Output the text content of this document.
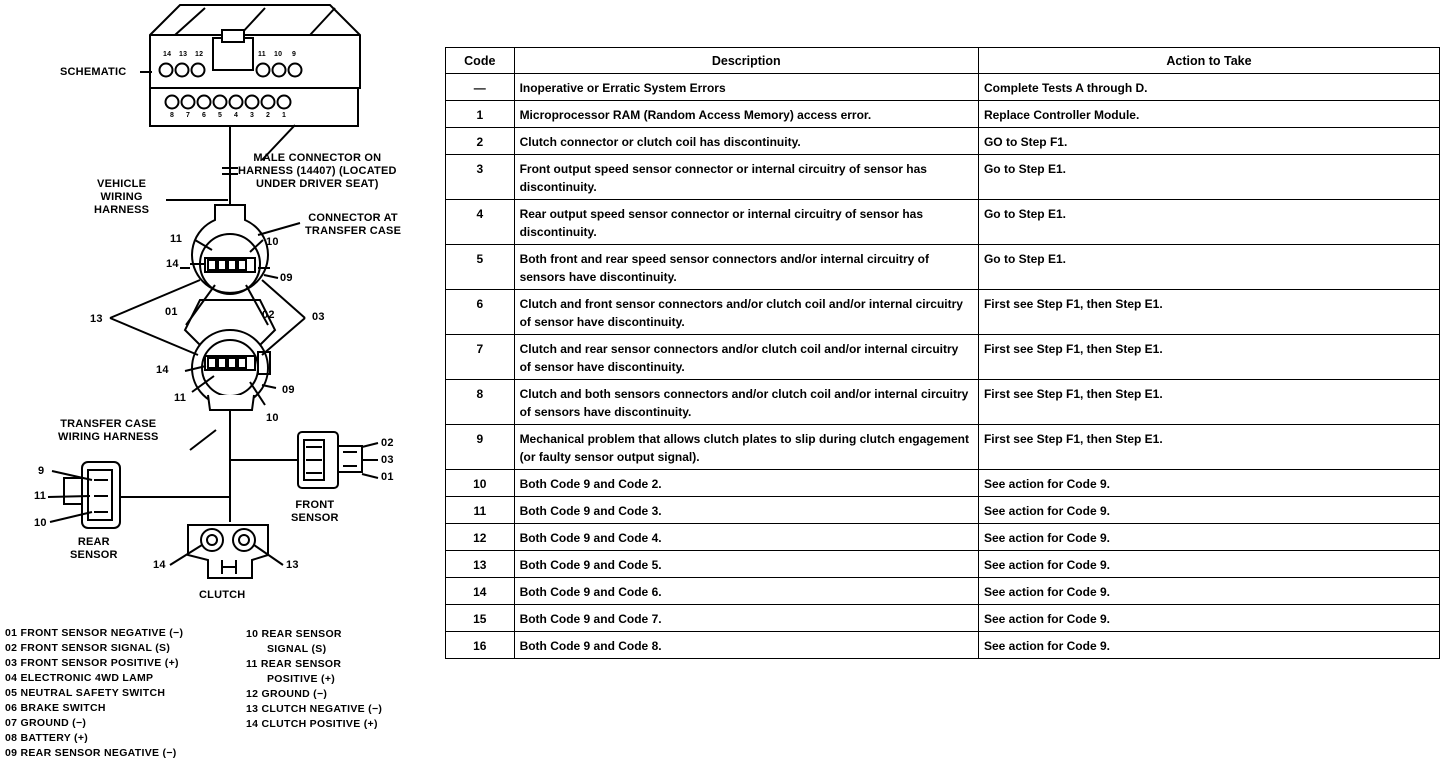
SCHEMATIC
14 13 12	11 10 9
8 7 6 5 4 3 2 1
MALE CONNECTOR ON
HARNESS (14407) (LOCATED
UNDER DRIVER SEAT)
VEHICLE
WIRING
HARNESS
CONNECTOR AT
TRANSFER CASE
11	10
14
09
13
01	02	03
14
11
09
10
TRANSFER CASE
WIRING HARNESS	02
03
01
FRONT
SENSOR
9
11
10
REAR
SENSOR
14	13
CLUTCH
01 FRONT SENSOR NEGATIVE (−)
02 FRONT SENSOR SIGNAL (S)
03 FRONT SENSOR POSITIVE (+)
04 ELECTRONIC 4WD LAMP
05 NEUTRAL SAFETY SWITCH
06 BRAKE SWITCH
07 GROUND (−)
08 BATTERY (+)
09 REAR SENSOR NEGATIVE (−)
10 REAR SENSOR
SIGNAL (S)
11 REAR SENSOR
POSITIVE (+)
12 GROUND (−)
13 CLUTCH NEGATIVE (−)
14 CLUTCH POSITIVE (+)
Code	Description	Action to Take
—	Inoperative or Erratic System Errors	Complete Tests A through D.
1	Microprocessor RAM (Random Access Memory) access error.	Replace Controller Module.
2	Clutch connector or clutch coil has discontinuity.	GO to Step F1.
3	Front output speed sensor connector or internal circuitry of sensor has discontinuity.	Go to Step E1.
4	Rear output speed sensor connector or internal circuitry of sensor has discontinuity.	Go to Step E1.
5	Both front and rear speed sensor connectors and/or internal circuitry of sensors have discontinuity.	Go to Step E1.
6	Clutch and front sensor connectors and/or clutch coil and/or internal circuitry of sensor have discontinuity.	First see Step F1, then Step E1.
7	Clutch and rear sensor connectors and/or clutch coil and/or internal circuitry of sensor have discontinuity.	First see Step F1, then Step E1.
8	Clutch and both sensors connectors and/or clutch coil and/or internal circuitry of sensors have discontinuity.	First see Step F1, then Step E1.
9	Mechanical problem that allows clutch plates to slip during clutch engagement (or faulty sensor output signal).	First see Step F1, then Step E1.
10	Both Code 9 and Code 2.	See action for Code 9.
11	Both Code 9 and Code 3.	See action for Code 9.
12	Both Code 9 and Code 4.	See action for Code 9.
13	Both Code 9 and Code 5.	See action for Code 9.
14	Both Code 9 and Code 6.	See action for Code 9.
15	Both Code 9 and Code 7.	See action for Code 9.
16	Both Code 9 and Code 8.	See action for Code 9.
